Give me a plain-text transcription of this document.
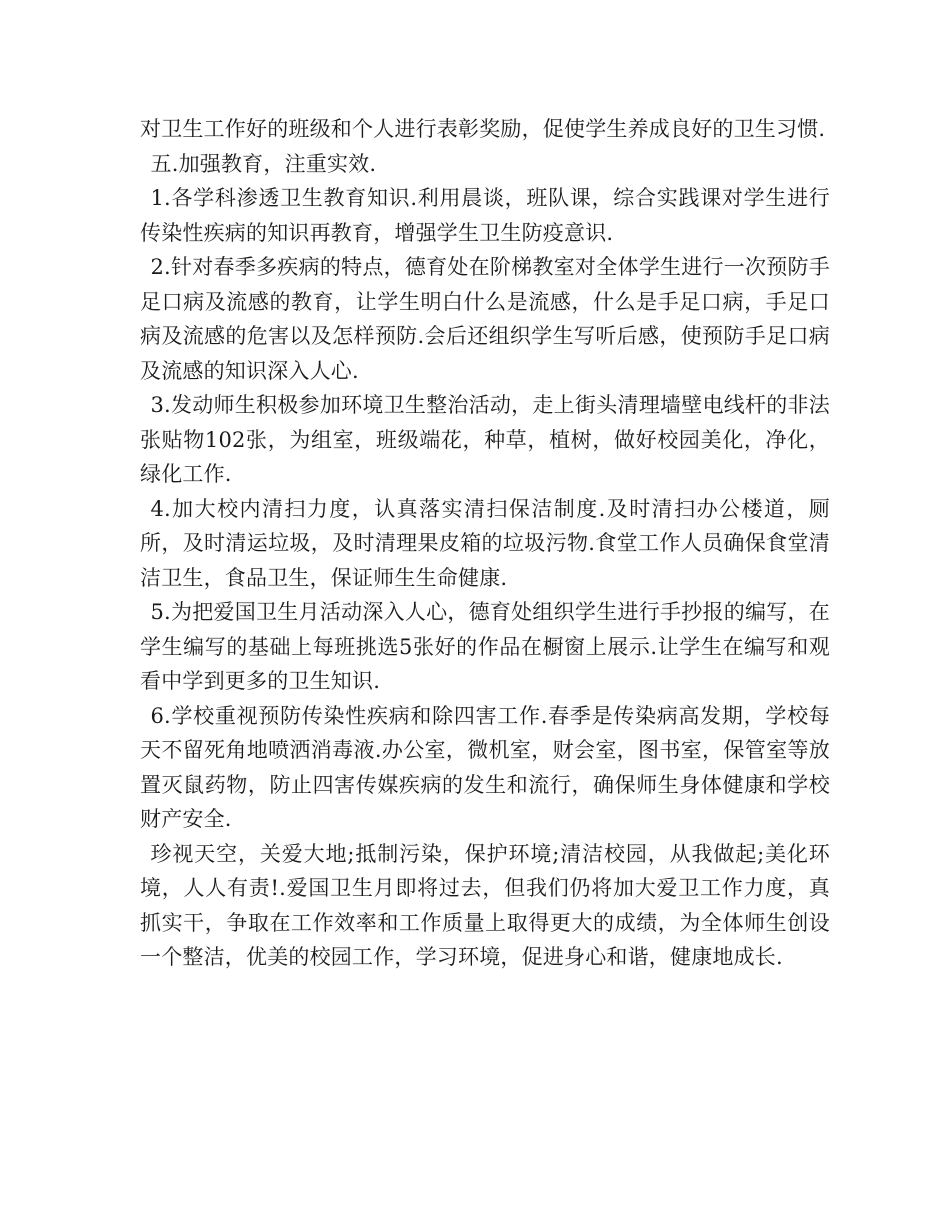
对卫生工作好的班级和个人进行表彰奖励，促使学生养成良好的卫生习惯.

五.加强教育，注重实效.

1.各学科渗透卫生教育知识.利用晨谈，班队课，综合实践课对学生进行传染性疾病的知识再教育，增强学生卫生防疫意识.

2.针对春季多疾病的特点，德育处在阶梯教室对全体学生进行一次预防手足口病及流感的教育，让学生明白什么是流感，什么是手足口病，手足口病及流感的危害以及怎样预防.会后还组织学生写听后感，使预防手足口病及流感的知识深入人心.

3.发动师生积极参加环境卫生整治活动，走上街头清理墙壁电线杆的非法张贴物102张，为组室，班级端花，种草，植树，做好校园美化，净化，绿化工作.

4.加大校内清扫力度，认真落实清扫保洁制度.及时清扫办公楼道，厕所，及时清运垃圾，及时清理果皮箱的垃圾污物.食堂工作人员确保食堂清洁卫生，食品卫生，保证师生生命健康.

5.为把爱国卫生月活动深入人心，德育处组织学生进行手抄报的编写，在学生编写的基础上每班挑选5张好的作品在橱窗上展示.让学生在编写和观看中学到更多的卫生知识.

6.学校重视预防传染性疾病和除四害工作.春季是传染病高发期，学校每天不留死角地喷洒消毒液.办公室，微机室，财会室，图书室，保管室等放置灭鼠药物，防止四害传媒疾病的发生和流行，确保师生身体健康和学校财产安全.

珍视天空，关爱大地;抵制污染，保护环境;清洁校园，从我做起;美化环境，人人有责!.爱国卫生月即将过去，但我们仍将加大爱卫工作力度，真抓实干，争取在工作效率和工作质量上取得更大的成绩，为全体师生创设一个整洁，优美的校园工作，学习环境，促进身心和谐，健康地成长.
